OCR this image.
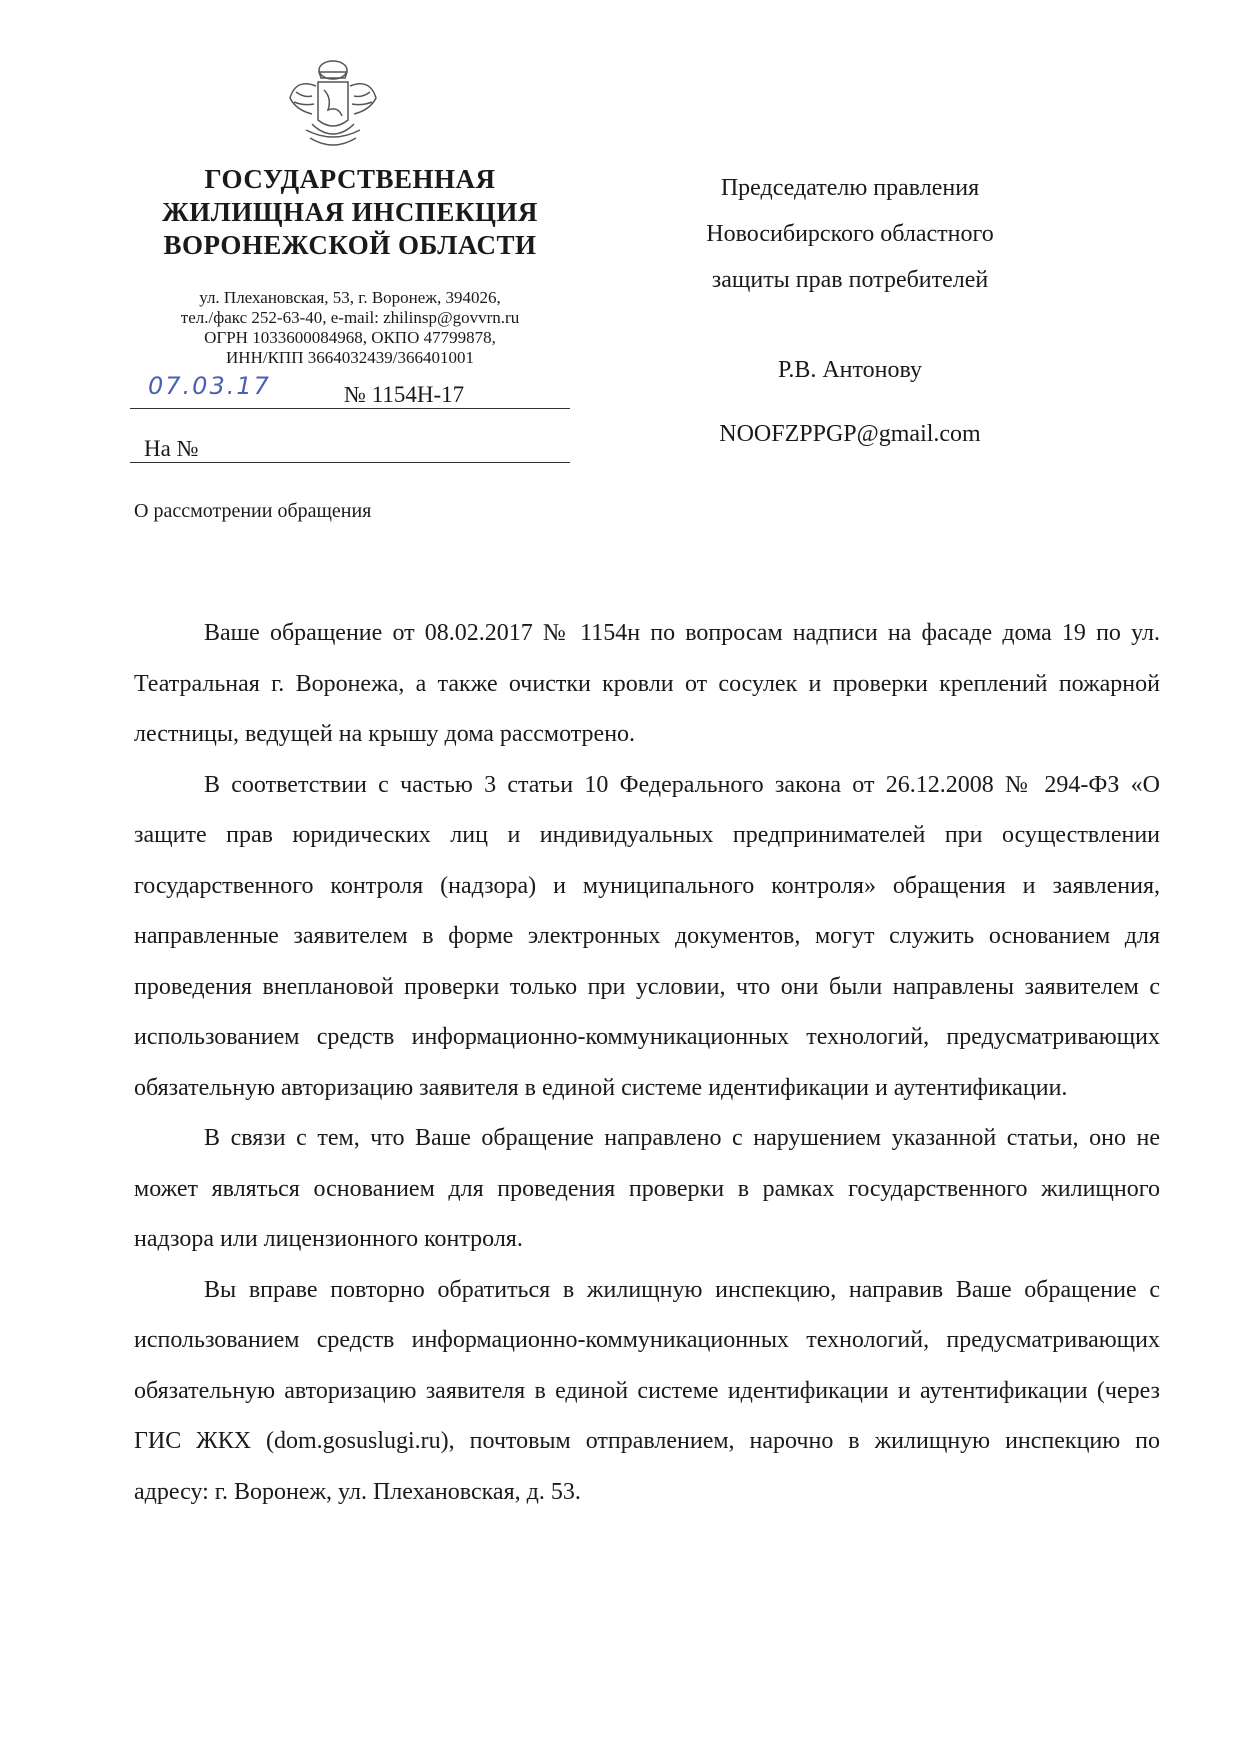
ГОСУДАРСТВЕННАЯ
ЖИЛИЩНАЯ ИНСПЕКЦИЯ
ВОРОНЕЖСКОЙ ОБЛАСТИ
ул. Плехановская, 53, г. Воронеж, 394026,
тел./факс 252-63-40, e-mail: zhilinsp@govvrn.ru
ОГРН 1033600084968, ОКПО 47799878,
ИНН/КПП 3664032439/366401001
07.03.17	№ 1154Н-17
На №
Председателю правления
Новосибирского областного
защиты прав потребителей
Р.В. Антонову
NOOFZPPGP@gmail.com
О рассмотрении обращения

Ваше обращение от 08.02.2017 № 1154н по вопросам надписи на фасаде дома 19 по ул. Театральная г. Воронежа, а также очистки кровли от сосулек и проверки креплений пожарной лестницы, ведущей на крышу дома рассмотрено.

В соответствии с частью 3 статьи 10 Федерального закона от 26.12.2008 № 294-ФЗ «О защите прав юридических лиц и индивидуальных предпринимателей при осуществлении государственного контроля (надзора) и муниципального контроля» обращения и заявления, направленные заявителем в форме электронных документов, могут служить основанием для проведения внеплановой проверки только при условии, что они были направлены заявителем с использованием средств информационно-коммуникационных технологий, предусматривающих обязательную авторизацию заявителя в единой системе идентификации и аутентификации.

В связи с тем, что Ваше обращение направлено с нарушением указанной статьи, оно не может являться основанием для проведения проверки в рамках государственного жилищного надзора или лицензионного контроля.

Вы вправе повторно обратиться в жилищную инспекцию, направив Ваше обращение с использованием средств информационно-коммуникационных технологий, предусматривающих обязательную авторизацию заявителя в единой системе идентификации и аутентификации (через ГИС ЖКХ (dom.gosuslugi.ru), почтовым отправлением, нарочно в жилищную инспекцию по адресу: г. Воронеж, ул. Плехановская, д. 53.
